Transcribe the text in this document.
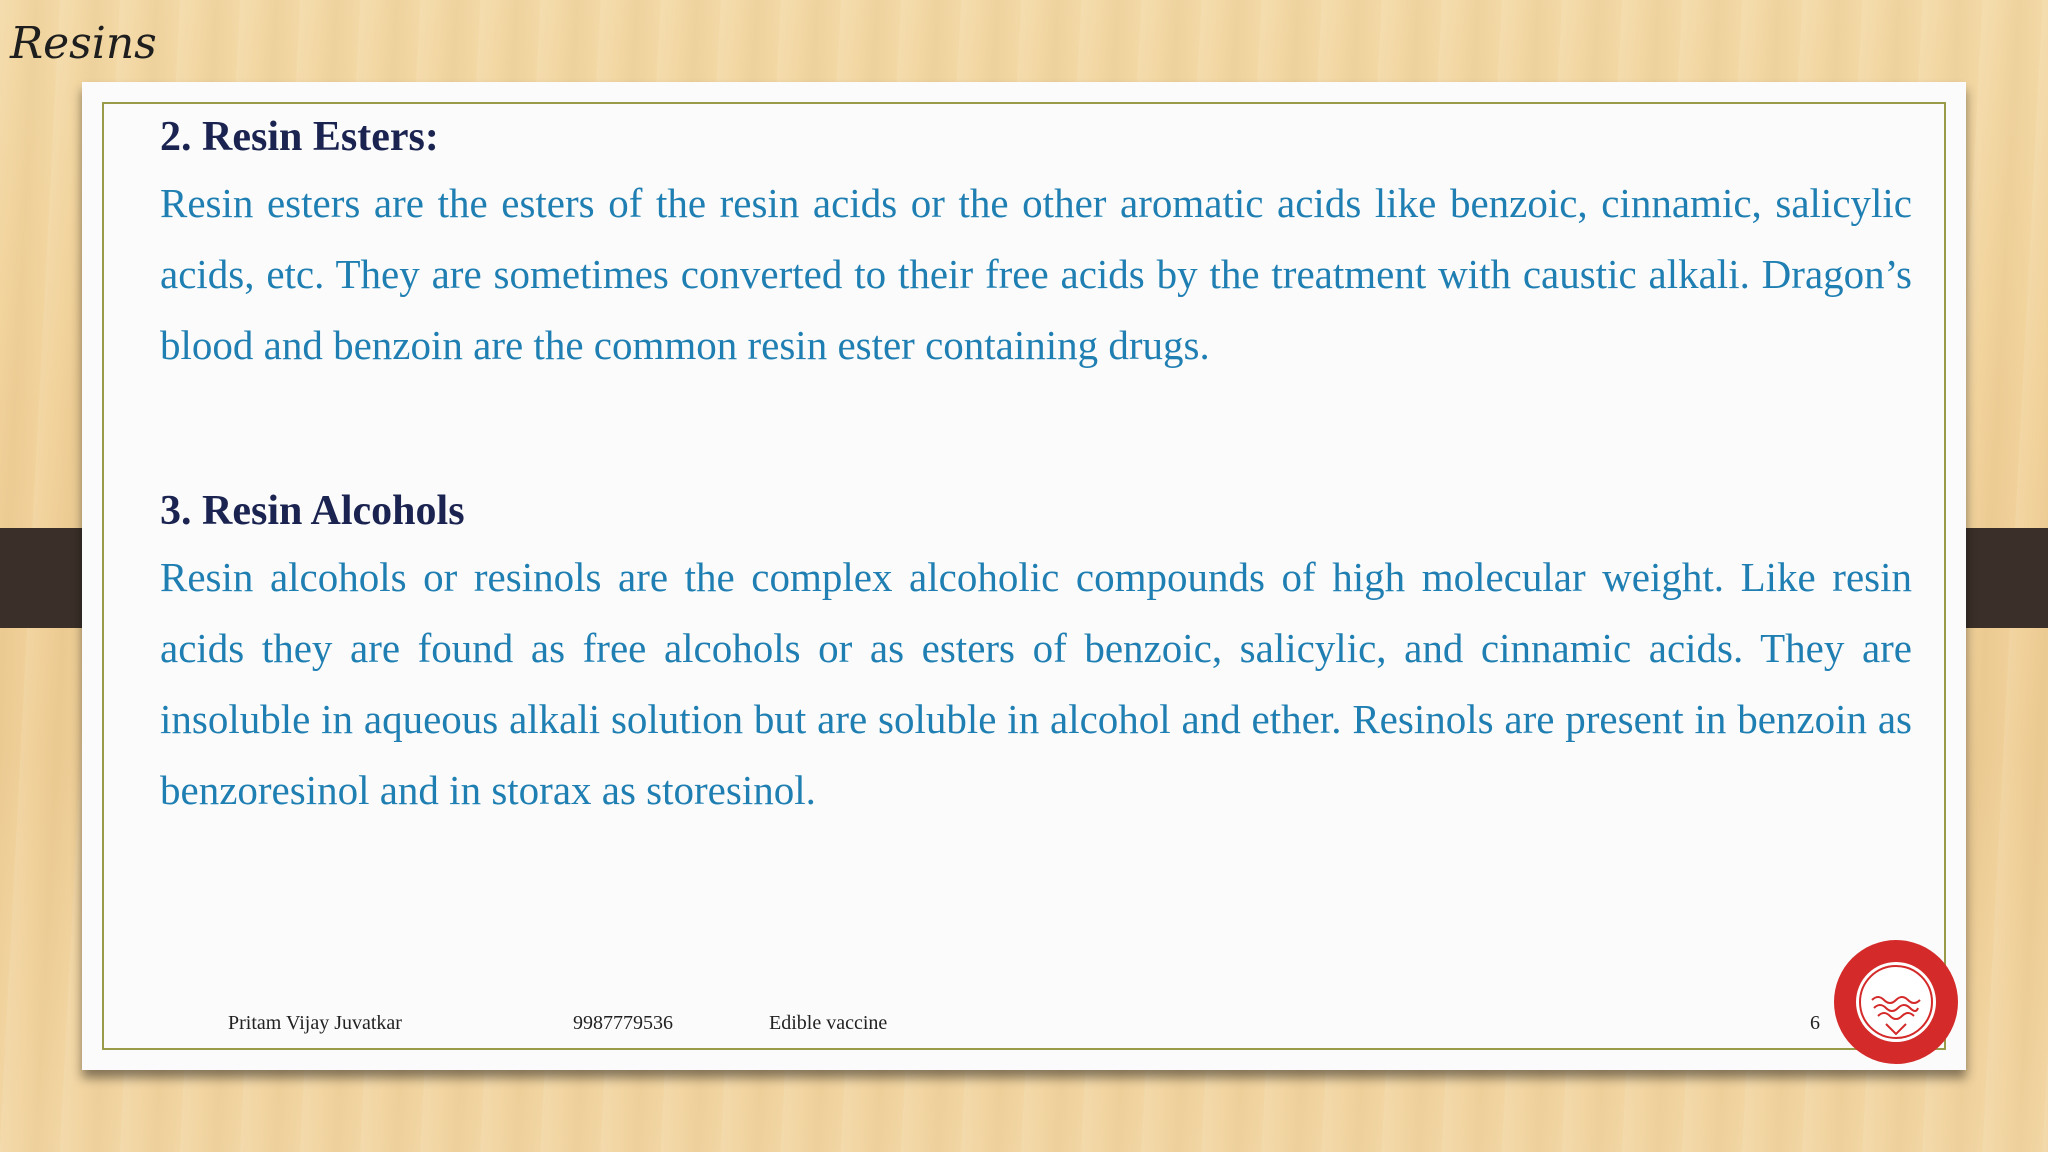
Resins
2. Resin Esters:

Resin esters are the esters of the resin acids or the other aromatic acids like benzoic, cinnamic, salicylic acids, etc. They are sometimes converted to their free acids by the treatment with caustic alkali. Dragon’s blood and benzoin are the common resin ester containing drugs.

3. Resin Alcohols

Resin alcohols or resinols are the complex alcoholic compounds of high molecular weight. Like resin acids they are found as free alcohols or as esters of benzoic, salicylic, and cinnamic acids. They are insoluble in aqueous alkali solution but are soluble in alcohol and ether. Resinols are present in benzoin as benzoresinol and in storax as storesinol.

Pritam Vijay Juvatkar	9987779536	Edible vaccine	6
